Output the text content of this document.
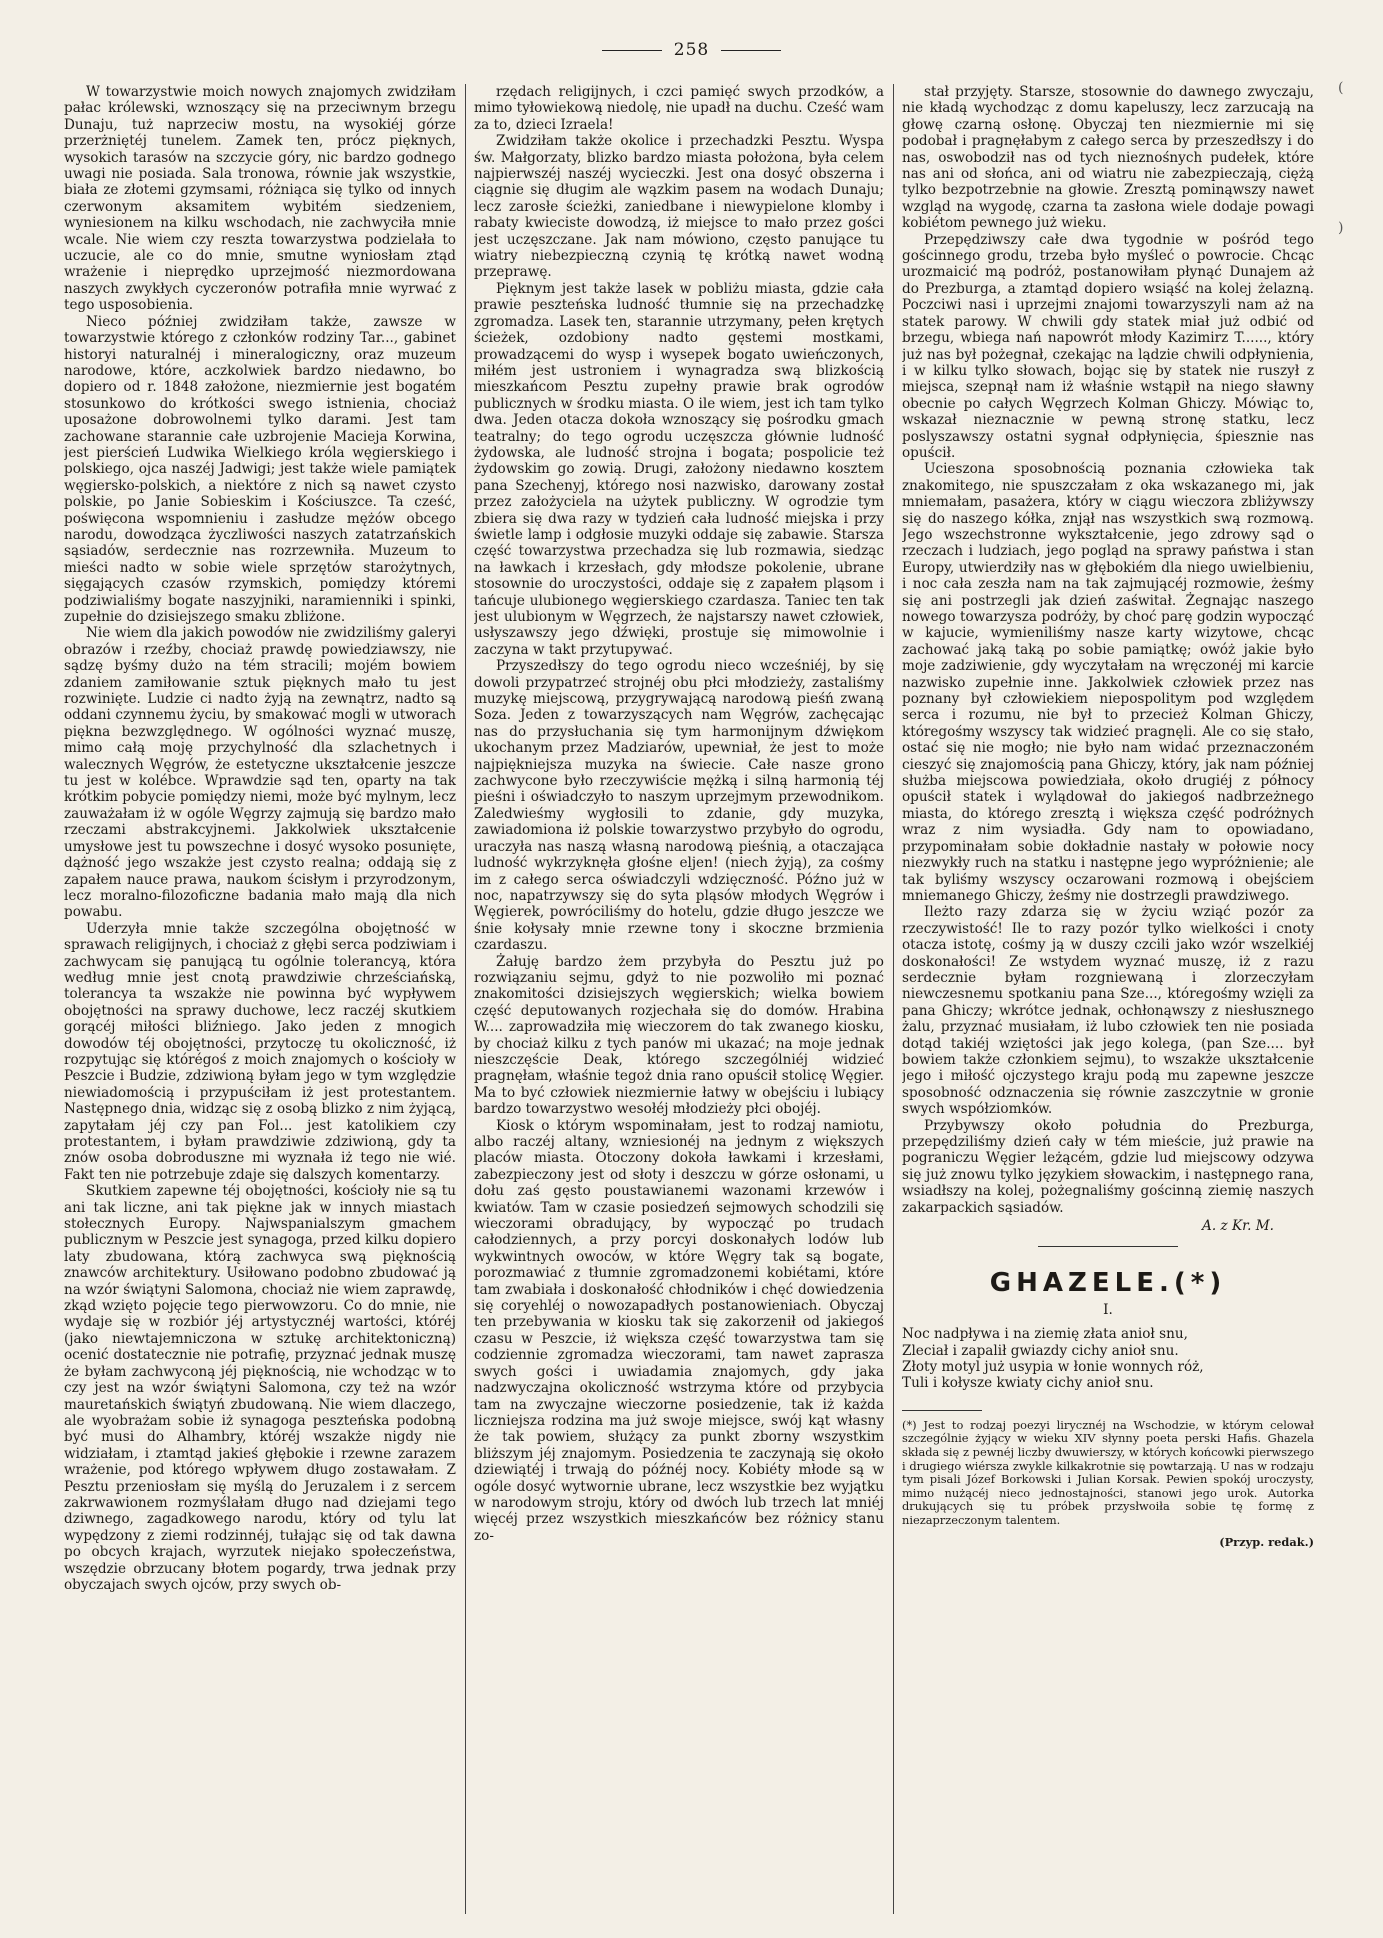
258

W towarzystwie moich nowych znajomych zwidziłam pałac królewski, wznoszący się na przeciwnym brzegu Dunaju, tuż naprzeciw mostu, na wysokiéj górze przerżniętéj tunelem. Zamek ten, prócz pięknych, wysokich tarasów na szczycie góry, nic bardzo godnego uwagi nie posiada. Sala tronowa, równie jak wszystkie, biała ze złotemi gzymsami, różniąca się tylko od innych czerwonym aksamitem wybitém siedzeniem, wyniesionem na kilku wschodach, nie zachwyciła mnie wcale. Nie wiem czy reszta towarzystwa podzielała to uczucie, ale co do mnie, smutne wyniosłam ztąd wrażenie i nieprędko uprzejmość niezmordowana naszych zwykłych cyczeronów potrafiła mnie wyrwać z tego usposobienia.

Nieco później zwidziłam także, zawsze w towarzystwie którego z członków rodziny Tar..., gabinet historyi naturalnéj i mineralogiczny, oraz muzeum narodowe, które, aczkolwiek bardzo niedawno, bo dopiero od r. 1848 założone, niezmiernie jest bogatém stosunkowo do krótkości swego istnienia, chociaż uposażone dobrowolnemi tylko darami. Jest tam zachowane starannie całe uzbrojenie Macieja Korwina, jest pierścień Ludwika Wielkiego króla węgierskiego i polskiego, ojca naszéj Jadwigi; jest także wiele pamiątek węgiersko-polskich, a niektóre z nich są nawet czysto polskie, po Janie Sobieskim i Kościuszce. Ta cześć, poświęcona wspomnieniu i zasłudze mężów obcego narodu, dowodząca życzliwości naszych zatatrzańskich sąsiadów, serdecznie nas rozrzewniła. Muzeum to mieści nadto w sobie wiele sprzętów starożytnych, sięgających czasów rzymskich, pomiędzy któremi podziwialiśmy bogate naszyjniki, naramienniki i spinki, zupełnie do dzisiejszego smaku zbliżone.

Nie wiem dla jakich powodów nie zwidziliśmy galeryi obrazów i rzeźby, chociaż prawdę powiedziawszy, nie sądzę byśmy dużo na tém stracili; mojém bowiem zdaniem zamiłowanie sztuk pięknych mało tu jest rozwinięte. Ludzie ci nadto żyją na zewnątrz, nadto są oddani czynnemu życiu, by smakować mogli w utworach piękna bezwzględnego. W ogólności wyznać muszę, mimo całą moję przychylność dla szlachetnych i walecznych Węgrów, że estetyczne ukształcenie jeszcze tu jest w kolébce. Wprawdzie sąd ten, oparty na tak krótkim pobycie pomiędzy niemi, może być mylnym, lecz zauważałam iż w ogóle Węgrzy zajmują się bardzo mało rzeczami abstrakcyjnemi. Jakkolwiek ukształcenie umysłowe jest tu powszechne i dosyć wysoko posunięte, dążność jego wszakże jest czysto realna; oddają się z zapałem nauce prawa, naukom ścisłym i przyrodzonym, lecz moralno-filozoficzne badania mało mają dla nich powabu.

Uderzyła mnie także szczególna obojętność w sprawach religijnych, i chociaż z głębi serca podziwiam i zachwycam się panującą tu ogólnie tolerancyą, która według mnie jest cnotą prawdziwie chrześciańską, tolerancya ta wszakże nie powinna być wypływem obojętności na sprawy duchowe, lecz raczéj skutkiem gorącéj miłości bliźniego. Jako jeden z mnogich dowodów téj obojętności, przytoczę tu okoliczność, iż rozpytując się którégoś z moich znajomych o kościoły w Peszcie i Budzie, zdziwioną byłam jego w tym względzie niewiadomością i przypuściłam iż jest protestantem. Następnego dnia, widząc się z osobą blizko z nim żyjącą, zapytałam jéj czy pan Fol... jest katolikiem czy protestantem, i byłam prawdziwie zdziwioną, gdy ta znów osoba dobroduszne mi wyznała iż tego nie wié. Fakt ten nie potrzebuje zdaje się dalszych komentarzy.

Skutkiem zapewne téj obojętności, kościoły nie są tu ani tak liczne, ani tak piękne jak w innych miastach stołecznych Europy. Najwspanialszym gmachem publicznym w Peszcie jest synagoga, przed kilku dopiero laty zbudowana, którą zachwyca swą pięknością znawców architektury. Usiłowano podobno zbudować ją na wzór świątyni Salomona, chociaż nie wiem zaprawdę, zkąd wzięto pojęcie tego pierwowzoru. Co do mnie, nie wydaje się w rozbiór jéj artystycznéj wartości, któréj (jako niewtajemniczona w sztukę architektoniczną) ocenić dostatecznie nie potrafię, przyznać jednak muszę że byłam zachwyconą jéj pięknością, nie wchodząc w to czy jest na wzór świątyni Salomona, czy też na wzór mauretańskich świątyń zbudowaną. Nie wiem dlaczego, ale wyobrażam sobie iż synagoga peszteńska podobną być musi do Alhambry, któréj wszakże nigdy nie widziałam, i ztamtąd jakieś głębokie i rzewne zarazem wrażenie, pod którego wpływem długo zostawałam. Z Pesztu przeniosłam się myślą do Jeruzalem i z sercem zakrwawionem rozmyślałam długo nad dziejami tego dziwnego, zagadkowego narodu, który od tylu lat wypędzony z ziemi rodzinnéj, tułając się od tak dawna po obcych krajach, wyrzutek niejako społeczeństwa, wszędzie obrzucany błotem pogardy, trwa jednak przy obyczajach swych ojców, przy swych ob-

rzędach religijnych, i czci pamięć swych przodków, a mimo tyłowiekową niedolę, nie upadł na duchu. Cześć wam za to, dzieci Izraela!

Zwidziłam także okolice i przechadzki Pesztu. Wyspa św. Małgorzaty, blizko bardzo miasta położona, była celem najpierwszéj naszéj wycieczki. Jest ona dosyć obszerna i ciągnie się długim ale wązkim pasem na wodach Dunaju; lecz zarosłe ścieżki, zaniedbane i niewypielone klomby i rabaty kwieciste dowodzą, iż miejsce to mało przez gości jest uczęszczane. Jak nam mówiono, często panujące tu wiatry niebezpieczną czynią tę krótką nawet wodną przeprawę.

Pięknym jest także lasek w pobliżu miasta, gdzie cała prawie peszteńska ludność tłumnie się na przechadzkę zgromadza. Lasek ten, starannie utrzymany, pełen krętych ścieżek, ozdobiony nadto gęstemi mostkami, prowadzącemi do wysp i wysepek bogato uwieńczonych, miłém jest ustroniem i wynagradza swą blizkością mieszkańcom Pesztu zupełny prawie brak ogrodów publicznych w środku miasta. O ile wiem, jest ich tam tylko dwa. Jeden otacza dokoła wznoszący się pośrodku gmach teatralny; do tego ogrodu uczęszcza głównie ludność żydowska, ale ludność strojna i bogata; pospolicie też żydowskim go zowią. Drugi, założony niedawno kosztem pana Szechenyj, którego nosi nazwisko, darowany został przez założyciela na użytek publiczny. W ogrodzie tym zbiera się dwa razy w tydzień cała ludność miejska i przy świetle lamp i odgłosie muzyki oddaje się zabawie. Starsza część towarzystwa przechadza się lub rozmawia, siedząc na ławkach i krzesłach, gdy młodsze pokolenie, ubrane stosownie do uroczystości, oddaje się z zapałem pląsom i tańcuje ulubionego węgierskiego czardasza. Taniec ten tak jest ulubionym w Węgrzech, że najstarszy nawet człowiek, usłyszawszy jego dźwięki, prostuje się mimowolnie i zaczyna w takt przytupywać.

Przyszedłszy do tego ogrodu nieco wcześniéj, by się dowoli przypatrzeć strojnéj obu płci młodzieży, zastaliśmy muzykę miejscową, przygrywającą narodową pieśń zwaną Soza. Jeden z towarzyszących nam Węgrów, zachęcając nas do przysłuchania się tym harmonijnym dźwiękom ukochanym przez Madziarów, upewniał, że jest to może najpiękniejsza muzyka na świecie. Całe nasze grono zachwycone było rzeczywiście mężką i silną harmonią téj pieśni i oświadczyło to naszym uprzejmym przewodnikom. Zaledwieśmy wygłosili to zdanie, gdy muzyka, zawiadomiona iż polskie towarzystwo przybyło do ogrodu, uraczyła nas naszą własną narodową pieśnią, a otaczająca ludność wykrzyknęła głośne eljen! (niech żyją), za cośmy im z całego serca oświadczyli wdzięczność. Późno już w noc, napatrzywszy się do syta pląsów młodych Węgrów i Węgierek, powróciliśmy do hotelu, gdzie długo jeszcze we śnie kołysały mnie rzewne tony i skoczne brzmienia czardaszu.

Żałuję bardzo żem przybyła do Pesztu już po rozwiązaniu sejmu, gdyż to nie pozwoliło mi poznać znakomitości dzisiejszych węgierskich; wielka bowiem część deputowanych rozjechała się do domów. Hrabina W.... zaprowadziła mię wieczorem do tak zwanego kiosku, by chociaż kilku z tych panów mi ukazać; na moje jednak nieszczęście Deak, którego szczególniéj widzieć pragnęłam, właśnie tegoż dnia rano opuścił stolicę Węgier. Ma to być człowiek niezmiernie łatwy w obejściu i lubiący bardzo towarzystwo wesołéj młodzieży płci obojéj.

Kiosk o którym wspominałam, jest to rodzaj namiotu, albo raczéj altany, wzniesionéj na jednym z większych placów miasta. Otoczony dokoła ławkami i krzesłami, zabezpieczony jest od słoty i deszczu w górze osłonami, u dołu zaś gęsto poustawianemi wazonami krzewów i kwiatów. Tam w czasie posiedzeń sejmowych schodzili się wieczorami obradujący, by wypocząć po trudach całodziennych, a przy porcyi doskonałych lodów lub wykwintnych owoców, w które Węgry tak są bogate, porozmawiać z tłumnie zgromadzonemi kobiétami, które tam zwabiała i doskonałość chłodników i chęć dowiedzenia się coryehléj o nowozapadłych postanowieniach. Obyczaj ten przebywania w kiosku tak się zakorzenił od jakiegoś czasu w Peszcie, iż większa część towarzystwa tam się codziennie zgromadza wieczorami, tam nawet zaprasza swych gości i uwiadamia znajomych, gdy jaka nadzwyczajna okoliczność wstrzyma które od przybycia tam na zwyczajne wieczorne posiedzenie, tak iż każda liczniejsza rodzina ma już swoje miejsce, swój kąt własny że tak powiem, służący za punkt zborny wszystkim bliższym jéj znajomym. Posiedzenia te zaczynają się około dziewiątéj i trwają do późnéj nocy. Kobiéty młode są w ogóle dosyć wytwornie ubrane, lecz wszystkie bez wyjątku w narodowym stroju, który od dwóch lub trzech lat mniéj więcéj przez wszystkich mieszkańców bez różnicy stanu zo-

stał przyjęty. Starsze, stosownie do dawnego zwyczaju, nie kładą wychodząc z domu kapeluszy, lecz zarzucają na głowę czarną osłonę. Obyczaj ten niezmiernie mi się podobał i pragnęłabym z całego serca by przeszedłszy i do nas, oswobodził nas od tych nieznośnych pudełek, które nas ani od słońca, ani od wiatru nie zabezpieczają, ciężą tylko bezpotrzebnie na głowie. Zresztą pominąwszy nawet wzgląd na wygodę, czarna ta zasłona wiele dodaje powagi kobiétom pewnego już wieku.

Przepędziwszy całe dwa tygodnie w pośród tego gościnnego grodu, trzeba było myśleć o powrocie. Chcąc urozmaicić mą podróż, postanowiłam płynąć Dunajem aż do Prezburga, a ztamtąd dopiero wsiąść na kolej żelazną. Poczciwi nasi i uprzejmi znajomi towarzyszyli nam aż na statek parowy. W chwili gdy statek miał już odbić od brzegu, wbiega nań napowrót młody Kazimirz T......, który już nas był pożegnał, czekając na lądzie chwili odpłynienia, i w kilku tylko słowach, bojąc się by statek nie ruszył z miejsca, szepnął nam iż właśnie wstąpił na niego sławny obecnie po całych Węgrzech Kolman Ghiczy. Mówiąc to, wskazał nieznacznie w pewną stronę statku, lecz poslyszawszy ostatni sygnał odpłynięcia, śpiesznie nas opuścił.

Ucieszona sposobnością poznania człowieka tak znakomitego, nie spuszczałam z oka wskazanego mi, jak mniemałam, pasażera, który w ciągu wieczora zbliżywszy się do naszego kółka, znjął nas wszystkich swą rozmową. Jego wszechstronne wykształcenie, jego zdrowy sąd o rzeczach i ludziach, jego pogląd na sprawy państwa i stan Europy, utwierdziły nas w głębokiém dla niego uwielbieniu, i noc cała zeszła nam na tak zajmującéj rozmowie, żeśmy się ani postrzegli jak dzień zaświtał. Żegnając naszego nowego towarzysza podróży, by choć parę godzin wypocząć w kajucie, wymieniliśmy nasze karty wizytowe, chcąc zachować jaką taką po sobie pamiątkę; owóż jakie było moje zadziwienie, gdy wyczytałam na wręczonéj mi karcie nazwisko zupełnie inne. Jakkolwiek człowiek przez nas poznany był człowiekiem niepospolitym pod względem serca i rozumu, nie był to przecież Kolman Ghiczy, któregośmy wszyscy tak widzieć pragnęli. Ale co się stało, ostać się nie mogło; nie było nam widać przeznaczoném cieszyć się znajomością pana Ghiczy, który, jak nam później służba miejscowa powiedziała, około drugiéj z północy opuścił statek i wylądował do jakiegoś nadbrzeżnego miasta, do którego zresztą i większa część podróżnych wraz z nim wysiadła. Gdy nam to opowiadano, przypominałam sobie dokładnie nastały w połowie nocy niezwykły ruch na statku i następne jego wypróżnienie; ale tak byliśmy wszyscy oczarowani rozmową i obejściem mniemanego Ghiczy, żeśmy nie dostrzegli prawdziwego.

Ileżto razy zdarza się w życiu wziąć pozór za rzeczywistość! Ile to razy pozór tylko wielkości i cnoty otacza istotę, cośmy ją w duszy czcili jako wzór wszelkiéj doskonałości! Ze wstydem wyznać muszę, iż z razu serdecznie byłam rozgniewaną i zlorzeczyłam niewczesnemu spotkaniu pana Sze..., któregośmy wzięli za pana Ghiczy; wkrótce jednak, ochłonąwszy z niesłusznego żalu, przyznać musiałam, iż lubo człowiek ten nie posiada dotąd takiéj wziętości jak jego kolega, (pan Sze.... był bowiem także członkiem sejmu), to wszakże ukształcenie jego i miłość ojczystego kraju podą mu zapewne jeszcze sposobność odznaczenia się równie zaszczytnie w gronie swych współziomków.

Przybywszy około południa do Prezburga, przepędziliśmy dzień cały w tém mieście, już prawie na pograniczu Węgier leżącém, gdzie lud miejscowy odzywa się już znowu tylko językiem słowackim, i następnego rana, wsiadłszy na kolej, pożegnaliśmy gościnną ziemię naszych zakarpackich sąsiadów.

A. z Kr. M.
GHAZELE.(*)
I.

Noc nadpływa i na ziemię złata anioł snu,

Zleciał i zapalił gwiazdy cichy anioł snu.

Złoty motyl już usypia w łonie wonnych róż,

Tuli i kołysze kwiaty cichy anioł snu.

(*) Jest to rodzaj poezyi lirycznéj na Wschodzie, w którym celował szczególnie żyjący w wieku XIV słynny poeta perski Hafis. Ghazela składa się z pewnéj liczby dwuwierszy, w których końcowki pierwszego i drugiego wiérsza zwykle kilkakrotnie się powtarzają. U nas w rodzaju tym pisali Józef Borkowski i Julian Korsak. Pewien spokój uroczysty, mimo nużącéj nieco jednostajności, stanowi jego urok. Autorka drukujących się tu próbek przysłwoiła sobie tę formę z niezaprzeczonym talentem.
(Przyp. redak.)
(
)
